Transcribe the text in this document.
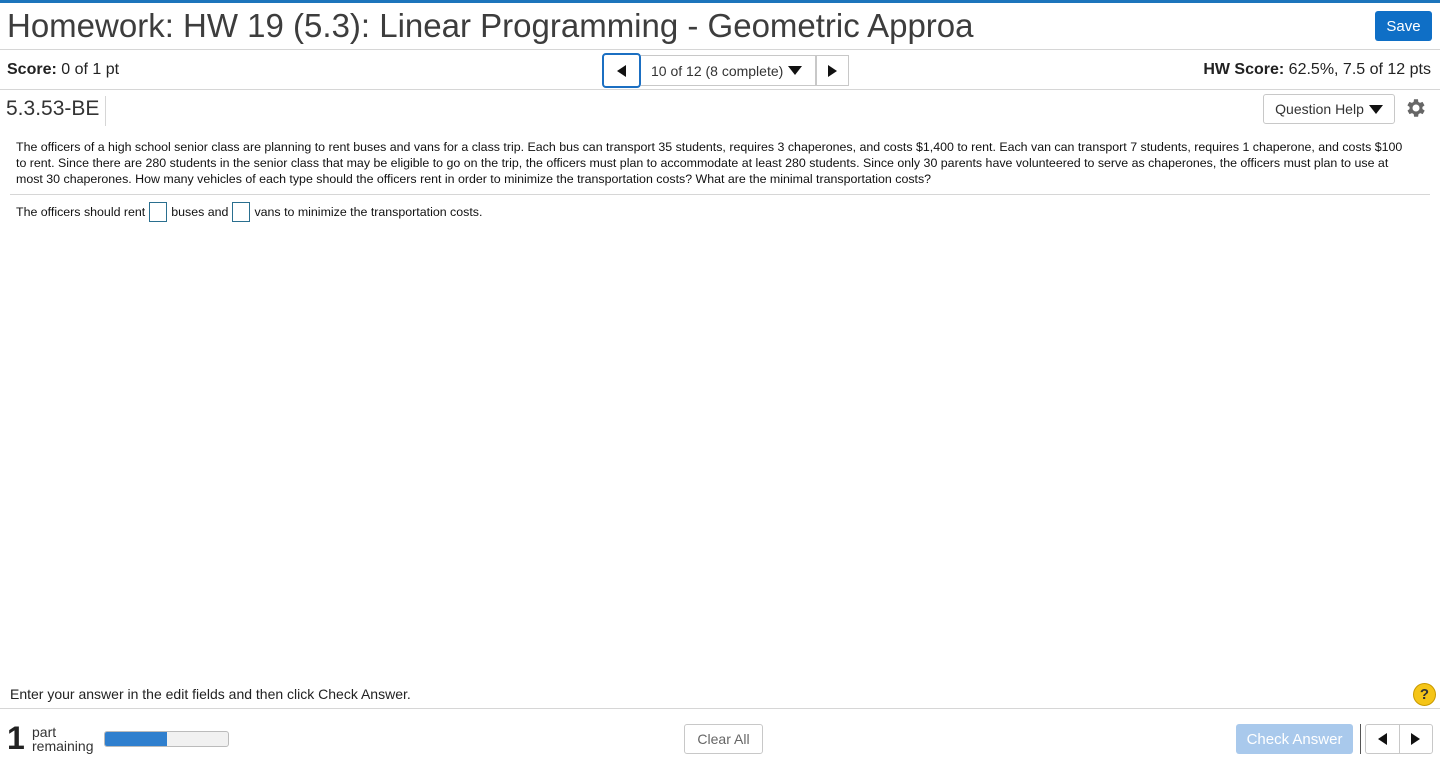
Homework: HW 19 (5.3): Linear Programming - Geometric Approa	Save
Score: 0 of 1 pt	HW Score: 62.5%, 7.5 of 12 pts
10 of 12 (8 complete)
5.3.53-BE	Question Help
The officers of a high school senior class are planning to rent buses and vans for a class trip. Each bus can transport 35 students, requires 3 chaperones, and costs $1,400 to rent. Each van can transport 7 students, requires 1 chaperone, and costs $100 to rent. Since there are 280 students in the senior class that may be eligible to go on the trip, the officers must plan to accommodate at least 280 students. Since only 30 parents have volunteered to serve as chaperones, the officers must plan to use at most 30 chaperones. How many vehicles of each type should the officers rent in order to minimize the transportation costs? What are the minimal transportation costs?
The officers should rent buses and vans to minimize the transportation costs.
Enter your answer in the edit fields and then click Check Answer.	?
1 part
remaining	Clear All	Check Answer
